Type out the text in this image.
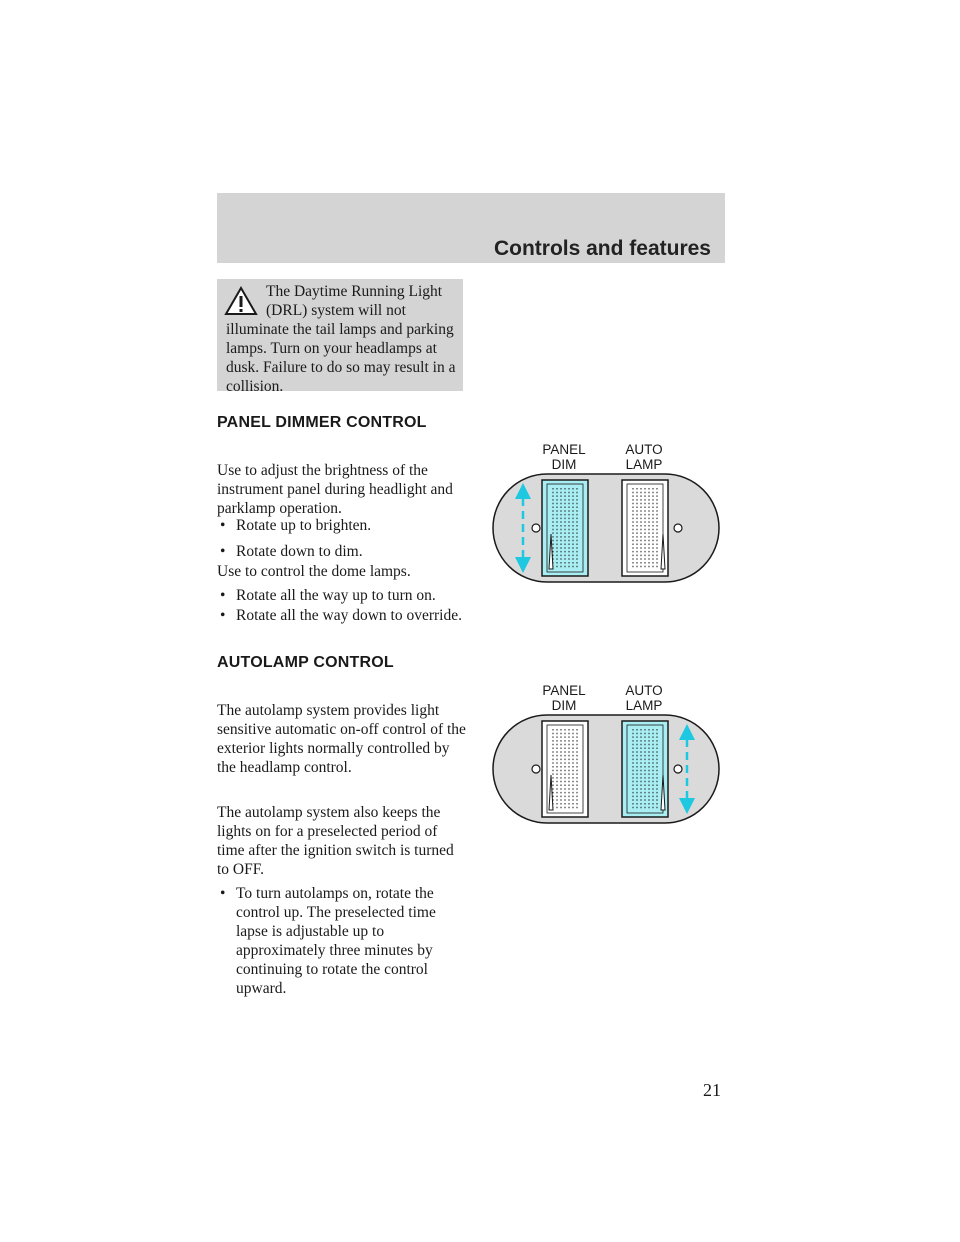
Controls and features

The Daytime Running Light (DRL) system will not illuminate the tail lamps and parking lamps. Turn on your headlamps at dusk. Failure to do so may result in a collision.

PANEL DIMMER CONTROL

Use to adjust the brightness of the instrument panel during headlight and parklamp operation.

• Rotate up to brighten.

• Rotate down to dim.

Use to control the dome lamps.

• Rotate all the way up to turn on.

• Rotate all the way down to override.

AUTOLAMP CONTROL

The autolamp system provides light sensitive automatic on-off control of the exterior lights normally controlled by the headlamp control.

The autolamp system also keeps the lights on for a preselected period of time after the ignition switch is turned to OFF.

• To turn autolamps on, rotate the control up. The preselected time lapse is adjustable up to approximately three minutes by continuing to rotate the control upward.

PANEL
DIM
AUTO
LAMP
PANEL
DIM
AUTO
LAMP
21
